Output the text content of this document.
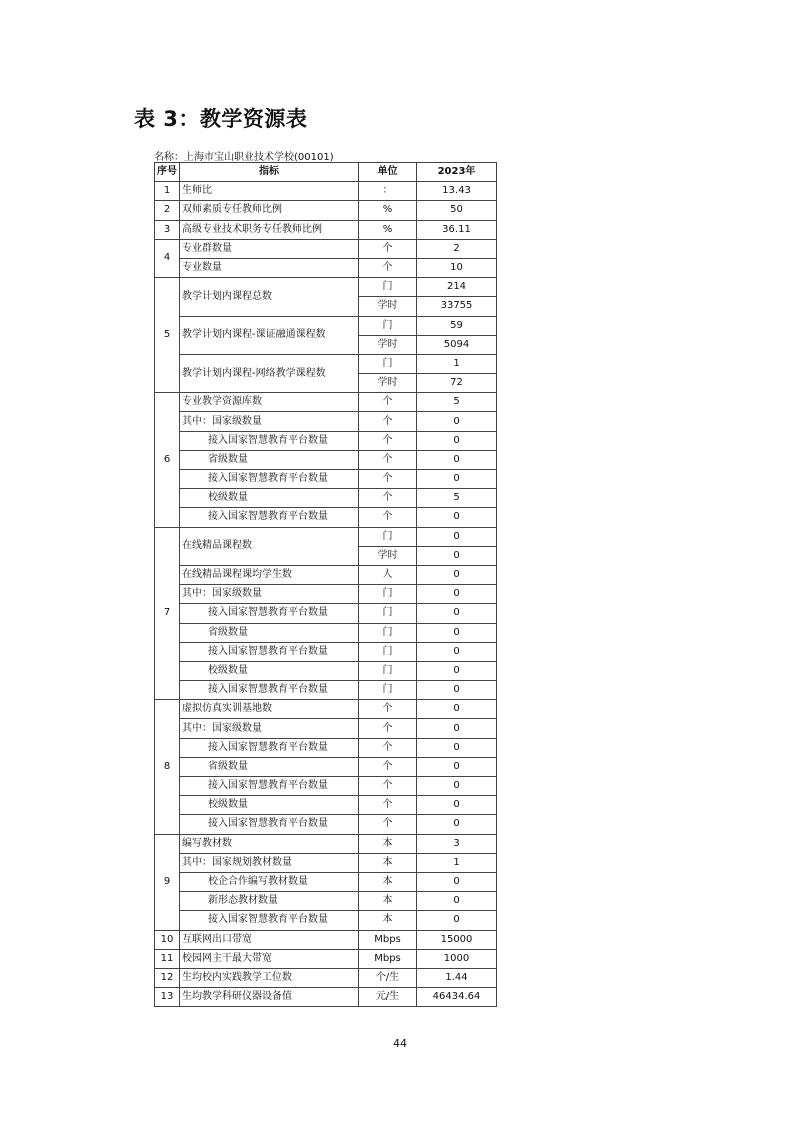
表 3：教学资源表
名称：上海市宝山职业技术学校(00101)
序号	指标	单位	2023年
1	生师比	：	13.43
2	双师素质专任教师比例	%	50
3	高级专业技术职务专任教师比例	%	36.11
4	专业群数量	个	2
	专业数量	个	10
5	教学计划内课程总数	门	214
		学时	33755
	教学计划内课程-课证融通课程数	门	59
		学时	5094
	教学计划内课程-网络教学课程数	门	1
		学时	72
6	专业教学资源库数	个	5
	其中：国家级数量	个	0
	接入国家智慧教育平台数量	个	0
	省级数量	个	0
	接入国家智慧教育平台数量	个	0
	校级数量	个	5
	接入国家智慧教育平台数量	个	0
7	在线精品课程数	门	0
		学时	0
	在线精品课程课均学生数	人	0
	其中：国家级数量	门	0
	接入国家智慧教育平台数量	门	0
	省级数量	门	0
	接入国家智慧教育平台数量	门	0
	校级数量	门	0
	接入国家智慧教育平台数量	门	0
8	虚拟仿真实训基地数	个	0
	其中：国家级数量	个	0
	接入国家智慧教育平台数量	个	0
	省级数量	个	0
	接入国家智慧教育平台数量	个	0
	校级数量	个	0
	接入国家智慧教育平台数量	个	0
9	编写教材数	本	3
	其中：国家规划教材数量	本	1
	校企合作编写教材数量	本	0
	新形态教材数量	本	0
	接入国家智慧教育平台数量	本	0
10	互联网出口带宽	Mbps	15000
11	校园网主干最大带宽	Mbps	1000
12	生均校内实践教学工位数	个/生	1.44
13	生均教学科研仪器设备值	元/生	46434.64
44
